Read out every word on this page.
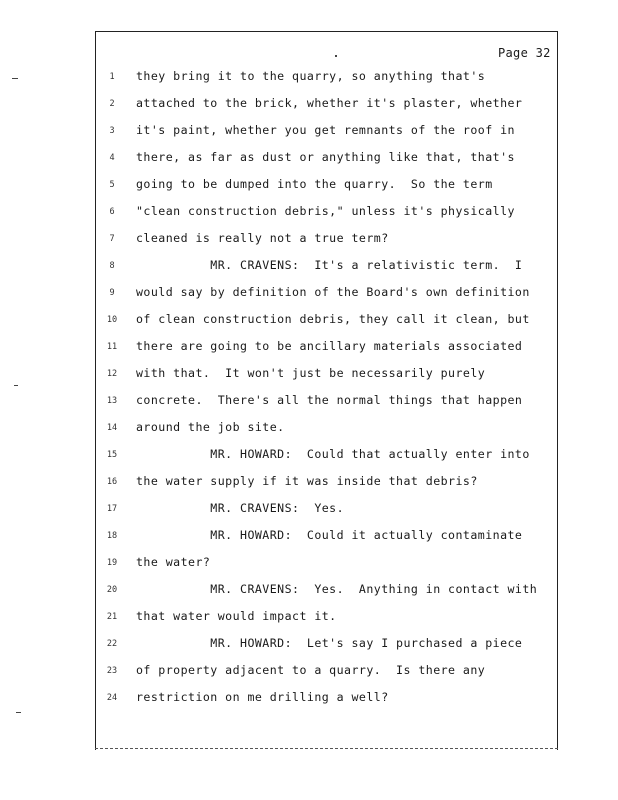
Page 32
1	they bring it to the quarry, so anything that's
2	attached to the brick, whether it's plaster, whether
3	it's paint, whether you get remnants of the roof in
4	there, as far as dust or anything like that, that's
5	going to be dumped into the quarry.  So the term
6	"clean construction debris," unless it's physically
7	cleaned is really not a true term?
8	MR. CRAVENS:  It's a relativistic term.  I
9	would say by definition of the Board's own definition
10 of clean construction debris, they call it clean, but
11 there are going to be ancillary materials associated
12 with that.  It won't just be necessarily purely
13 concrete.  There's all the normal things that happen
14 around the job site.
15 MR. HOWARD:  Could that actually enter into
16 the water supply if it was inside that debris?
17 MR. CRAVENS:  Yes.
18 MR. HOWARD:  Could it actually contaminate
19 the water?
20 MR. CRAVENS:  Yes.  Anything in contact with
21 that water would impact it.
22 MR. HOWARD:  Let's say I purchased a piece
23 of property adjacent to a quarry.  Is there any
24 restriction on me drilling a well?
